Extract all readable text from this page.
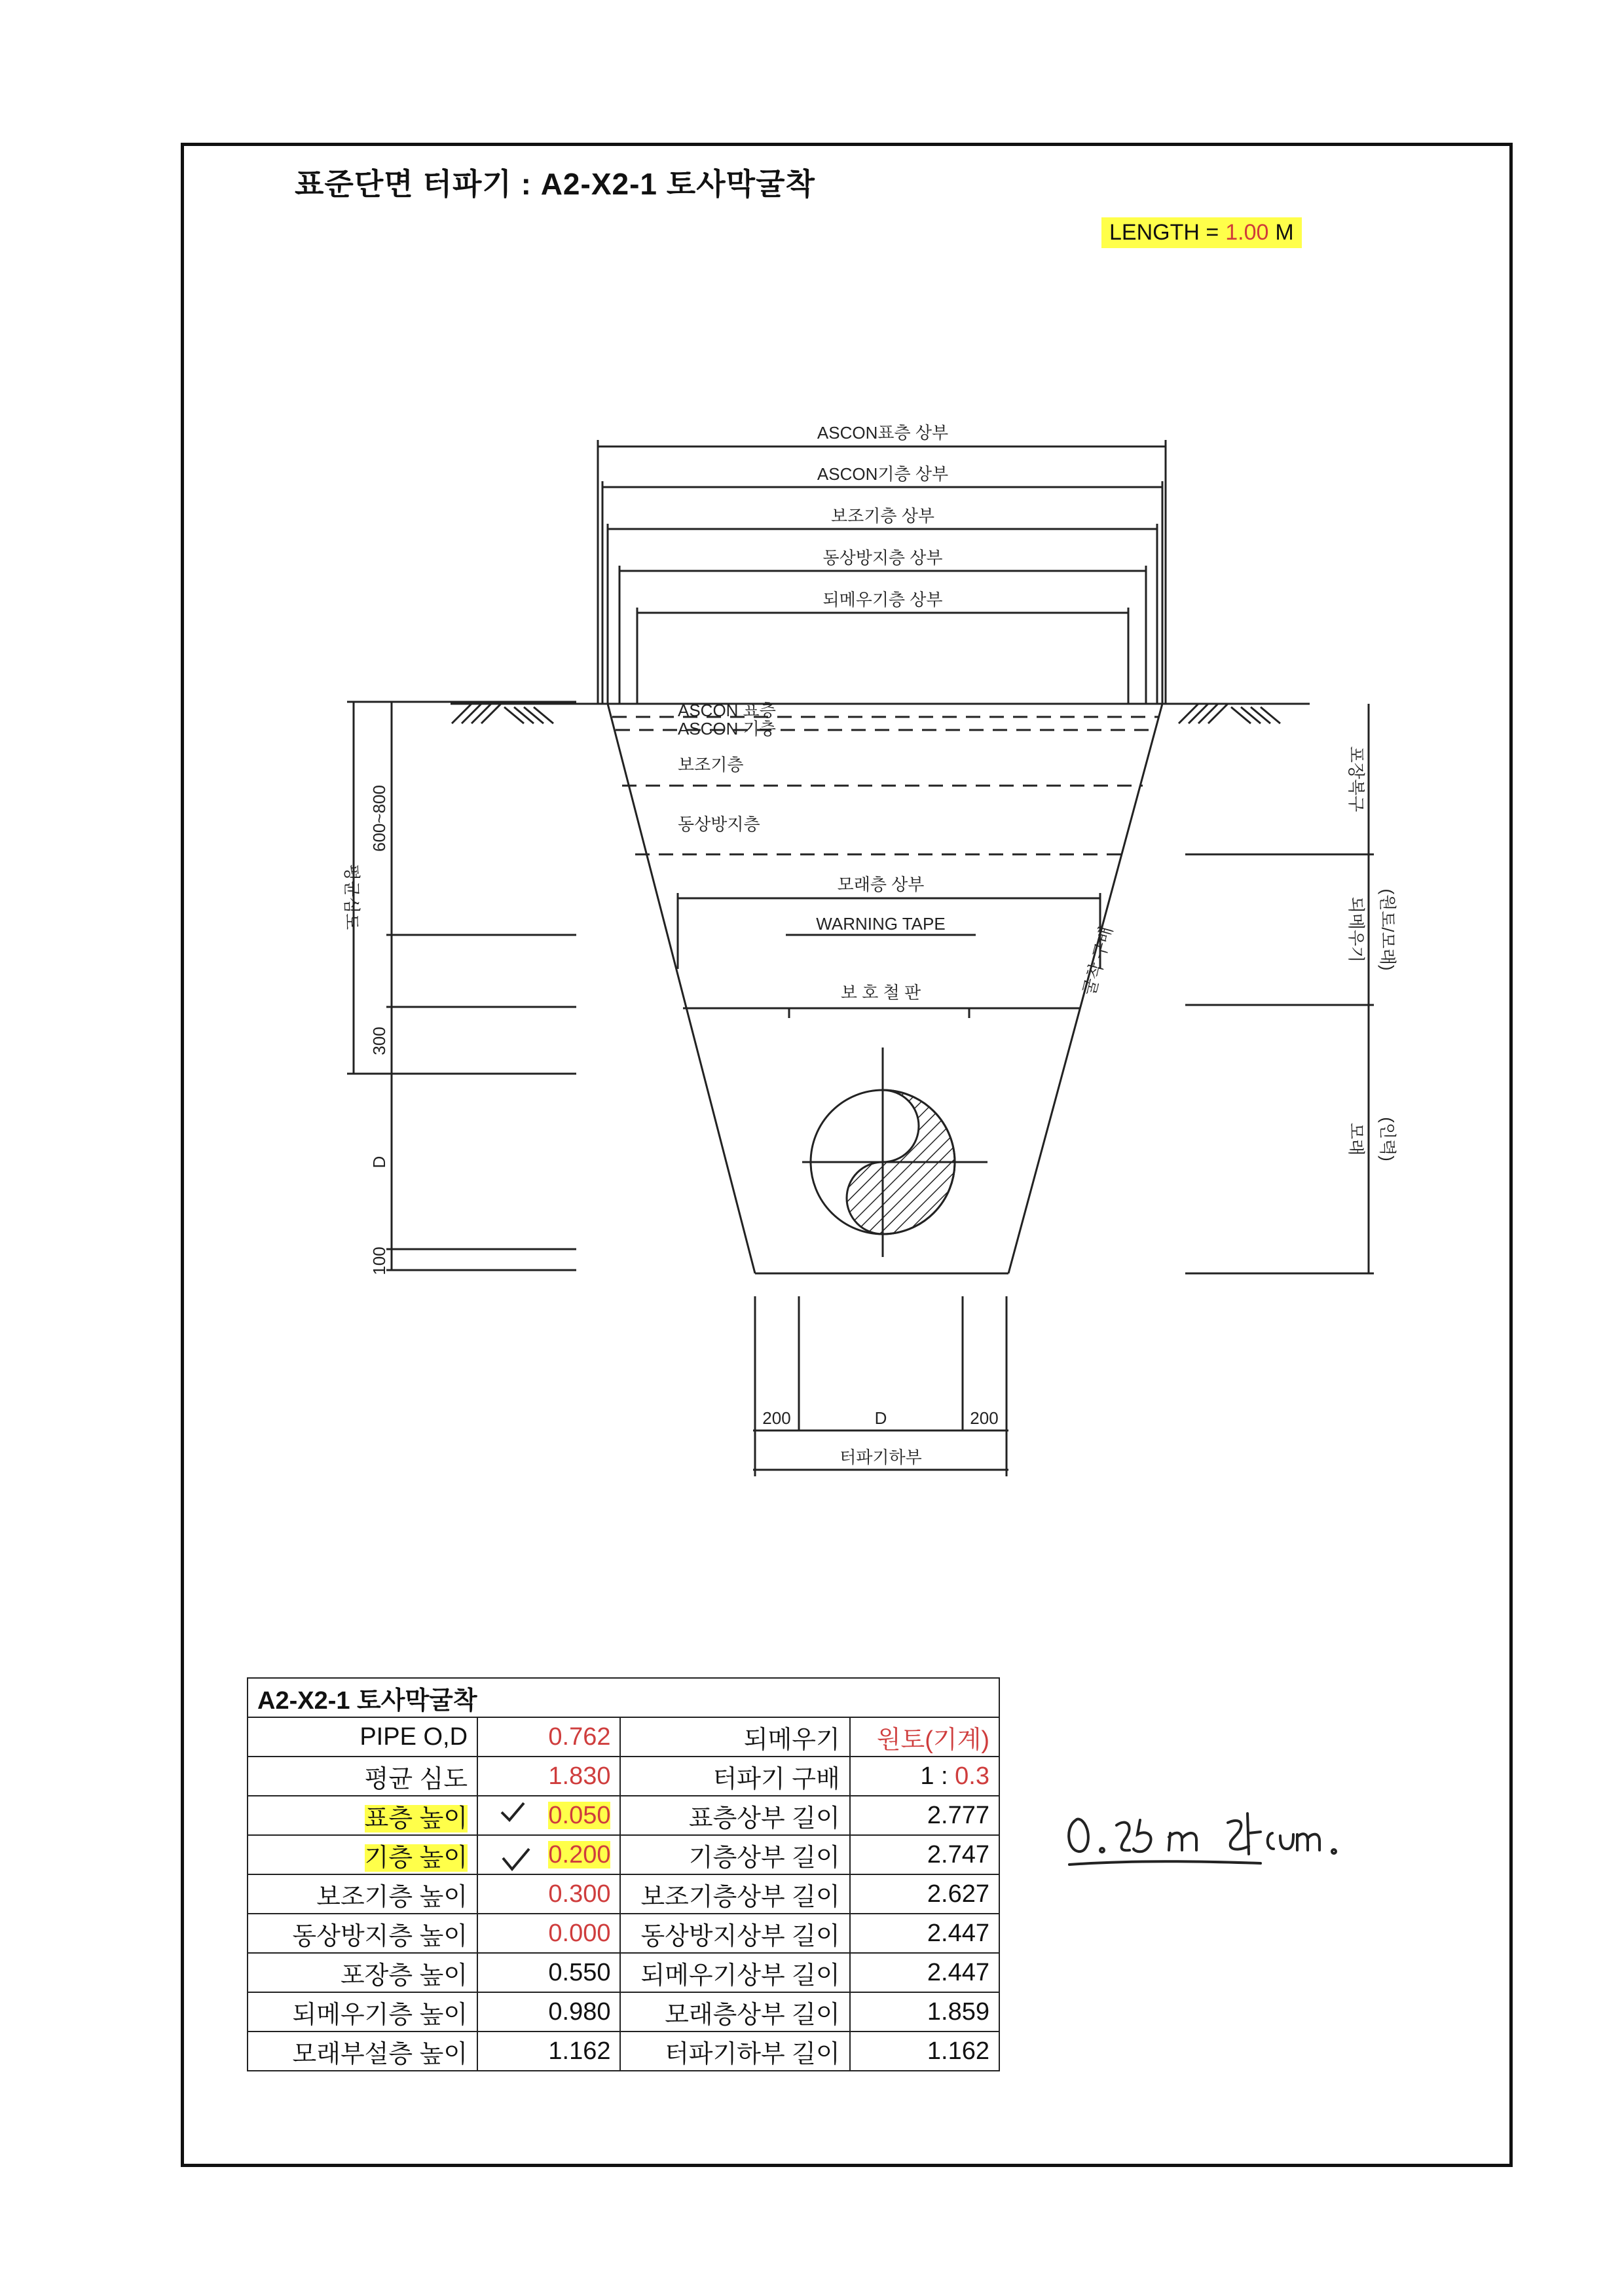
표준단면 터파기 : A2-X2-1 토사막굴착
LENGTH = 1.00 M
ASCON표층 상부
ASCON기층 상부
보조기층 상부
동상방지층 상부
되메우기층 상부
ASCON 표층
ASCON 기층
보조기층
동상방지층
모래층 상부
WARNING TAPE
보 호 철 판	굴착 구배
200	D	200
터파기하부
평균심도
600~800
300
D
100
포장복구
되메우기 (원토/모래)
모래 (인력)
A2-X2-1 토사막굴착			
PIPE O,D	0.762	되메우기	원토(기계)
평균 심도	1.830	터파기 구배	1 : 0.3
표층 높이	0.050	표층상부 길이	2.777
기층 높이	0.200	기층상부 길이	2.747
보조기층 높이	0.300	보조기층상부 길이	2.627
동상방지층 높이	0.000	동상방지상부 길이	2.447
포장층 높이	0.550	되메우기상부 길이	2.447
되메우기층 높이	0.980	모래층상부 길이	1.859
모래부설층 높이	1.162	터파기하부 길이	1.162
